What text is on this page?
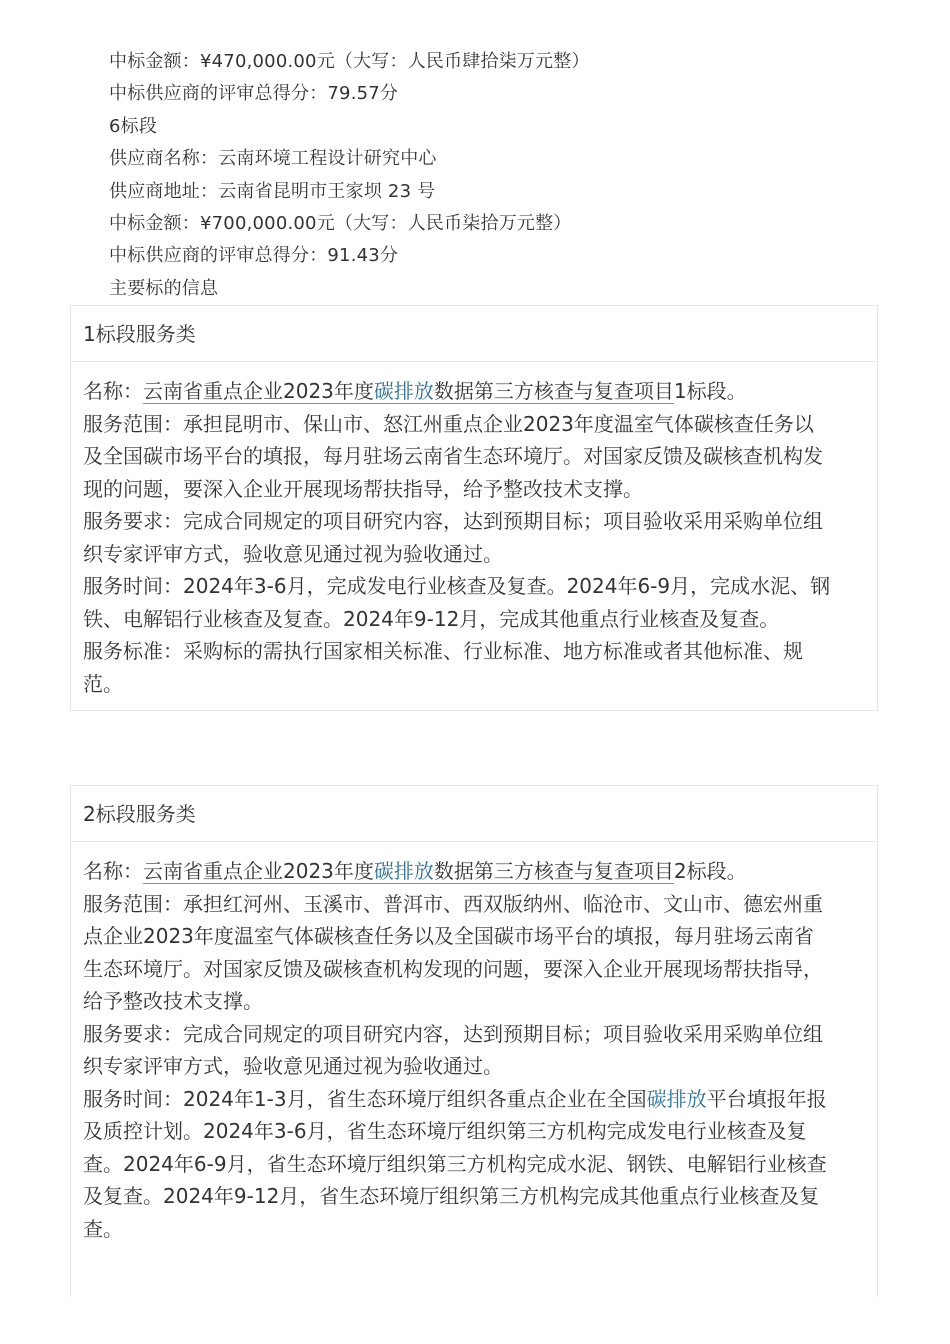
中标金额：¥470,000.00元（大写：人民币肆拾柒万元整）
中标供应商的评审总得分：79.57分
6标段
供应商名称：云南环境工程设计研究中心
供应商地址：云南省昆明市王家坝 23 号
中标金额：¥700,000.00元（大写：人民币柒拾万元整）
中标供应商的评审总得分：91.43分
主要标的信息
1标段服务类

名称：云南省重点企业2023年度碳排放数据第三方核查与复查项目1标段。

服务范围：承担昆明市、保山市、怒江州重点企业2023年度温室气体碳核查任务以
及全国碳市场平台的填报，每月驻场云南省生态环境厅。对国家反馈及碳核查机构发
现的问题，要深入企业开展现场帮扶指导，给予整改技术支撑。

服务要求：完成合同规定的项目研究内容，达到预期目标；项目验收采用采购单位组
织专家评审方式，验收意见通过视为验收通过。

服务时间：2024年3-6月，完成发电行业核查及复查。2024年6-9月，完成水泥、钢
铁、电解铝行业核查及复查。2024年9-12月，完成其他重点行业核查及复查。

服务标准：采购标的需执行国家相关标准、行业标准、地方标准或者其他标准、规
范。

2标段服务类

名称：云南省重点企业2023年度碳排放数据第三方核查与复查项目2标段。

服务范围：承担红河州、玉溪市、普洱市、西双版纳州、临沧市、文山市、德宏州重
点企业2023年度温室气体碳核查任务以及全国碳市场平台的填报，每月驻场云南省
生态环境厅。对国家反馈及碳核查机构发现的问题，要深入企业开展现场帮扶指导，
给予整改技术支撑。

服务要求：完成合同规定的项目研究内容，达到预期目标；项目验收采用采购单位组
织专家评审方式，验收意见通过视为验收通过。

服务时间：2024年1-3月，省生态环境厅组织各重点企业在全国碳排放平台填报年报
及质控计划。2024年3-6月，省生态环境厅组织第三方机构完成发电行业核查及复
查。2024年6-9月，省生态环境厅组织第三方机构完成水泥、钢铁、电解铝行业核查
及复查。2024年9-12月，省生态环境厅组织第三方机构完成其他重点行业核查及复
查。
